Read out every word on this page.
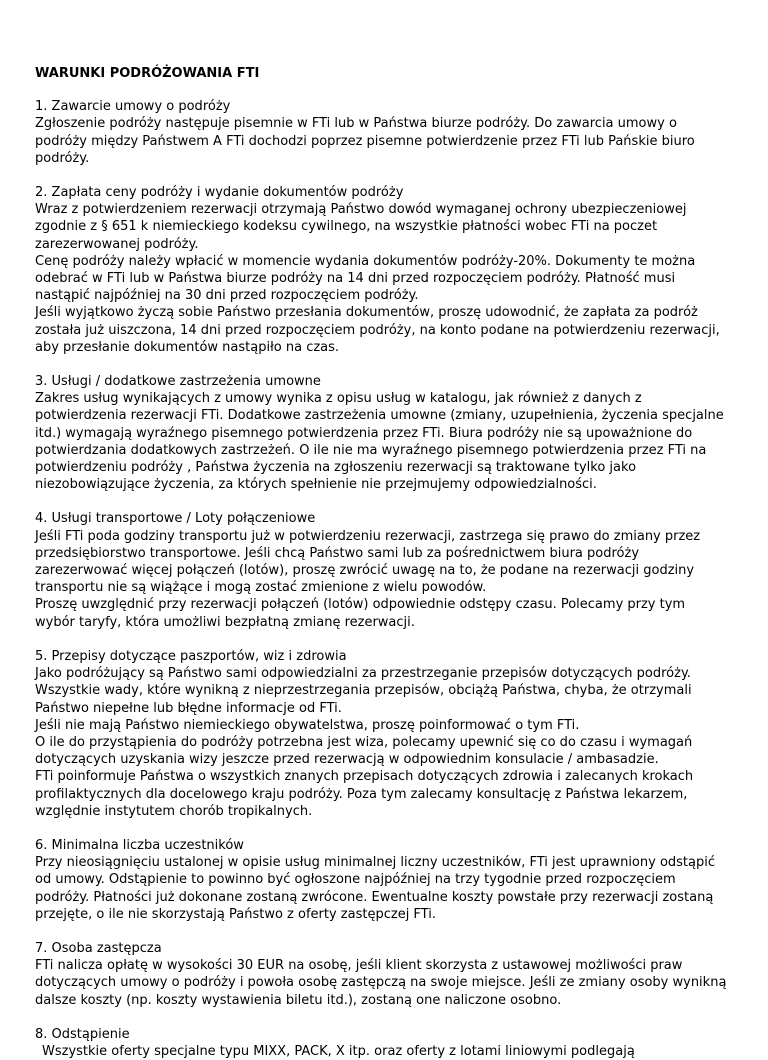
WARUNKI PODRÓŻOWANIA FTI
1. Zawarcie umowy o podróży

Zgłoszenie podróży następuje pisemnie w FTi lub w Państwa biurze podróży. Do zawarcia umowy o podróży między Państwem A FTi dochodzi poprzez pisemne potwierdzenie przez FTi lub Pańskie biuro podróży.

2. Zapłata ceny podróży i wydanie dokumentów podróży

Wraz z potwierdzeniem rezerwacji otrzymają Państwo dowód wymaganej ochrony ubezpieczeniowej zgodnie z § 651 k niemieckiego kodeksu cywilnego, na wszystkie płatności wobec FTi na poczet zarezerwowanej podróży.

Cenę podróży należy wpłacić w momencie wydania dokumentów podróży-20%. Dokumenty te można odebrać w FTi lub w Państwa biurze podróży na 14 dni przed rozpoczęciem podróży. Płatność musi nastąpić najpóźniej na 30 dni przed rozpoczęciem podróży.

Jeśli wyjątkowo życzą sobie Państwo przesłania dokumentów, proszę udowodnić, że zapłata za podróż została już uiszczona, 14 dni przed rozpoczęciem podróży, na konto podane na potwierdzeniu rezerwacji, aby przesłanie dokumentów nastąpiło na czas.

3. Usługi / dodatkowe zastrzeżenia umowne

Zakres usług wynikających z umowy wynika z opisu usług w katalogu, jak również z danych z potwierdzenia rezerwacji FTi. Dodatkowe zastrzeżenia umowne (zmiany, uzupełnienia, życzenia specjalne itd.) wymagają wyraźnego pisemnego potwierdzenia przez FTi. Biura podróży nie są upoważnione do potwierdzania dodatkowych zastrzeżeń. O ile nie ma wyraźnego pisemnego potwierdzenia przez FTi na potwierdzeniu podróży , Państwa życzenia na zgłoszeniu rezerwacji są traktowane tylko jako niezobowiązujące życzenia, za których spełnienie nie przejmujemy odpowiedzialności.

4. Usługi transportowe / Loty połączeniowe

Jeśli FTi poda godziny transportu już w potwierdzeniu rezerwacji, zastrzega się prawo do zmiany przez przedsiębiorstwo transportowe. Jeśli chcą Państwo sami lub za pośrednictwem biura podróży zarezerwować więcej połączeń (lotów), proszę zwrócić uwagę na to, że podane na rezerwacji godziny transportu nie są wiążące i mogą zostać zmienione z wielu powodów.

Proszę uwzględnić przy rezerwacji połączeń (lotów) odpowiednie odstępy czasu. Polecamy przy tym wybór taryfy, która umożliwi bezpłatną zmianę rezerwacji.

5. Przepisy dotyczące paszportów, wiz i zdrowia

Jako podróżujący są Państwo sami odpowiedzialni za przestrzeganie przepisów dotyczących podróży. Wszystkie wady, które wynikną z nieprzestrzegania przepisów, obciążą Państwa, chyba, że otrzymali Państwo niepełne lub błędne informacje od FTi.

Jeśli nie mają Państwo niemieckiego obywatelstwa, proszę poinformować o tym FTi.

O ile do przystąpienia do podróży potrzebna jest wiza, polecamy upewnić się co do czasu i wymagań dotyczących uzyskania wizy jeszcze przed rezerwacją w odpowiednim konsulacie / ambasadzie.

FTi poinformuje Państwa o wszystkich znanych przepisach dotyczących zdrowia i zalecanych krokach profilaktycznych dla docelowego kraju podróży. Poza tym zalecamy konsultację z Państwa lekarzem, względnie instytutem chorób tropikalnych.

6. Minimalna liczba uczestników

Przy nieosiągnięciu ustalonej w opisie usług minimalnej liczny uczestników, FTi jest uprawniony odstąpić od umowy. Odstąpienie to powinno być ogłoszone najpóźniej na trzy tygodnie przed rozpoczęciem podróży. Płatności już dokonane zostaną zwrócone. Ewentualne koszty powstałe przy rezerwacji zostaną przejęte, o ile nie skorzystają Państwo z oferty zastępczej FTi.

7. Osoba zastępcza

FTi nalicza opłatę w wysokości 30 EUR na osobę, jeśli klient skorzysta z ustawowej możliwości praw dotyczących umowy o podróży i powoła osobę zastępczą na swoje miejsce. Jeśli ze zmiany osoby wynikną dalsze koszty (np. koszty wystawienia biletu itd.), zostaną one naliczone osobno.

8. Odstąpienie

Wszystkie oferty specjalne typu MIXX, PACK, X itp. oraz oferty z lotami liniowymi podlegają
